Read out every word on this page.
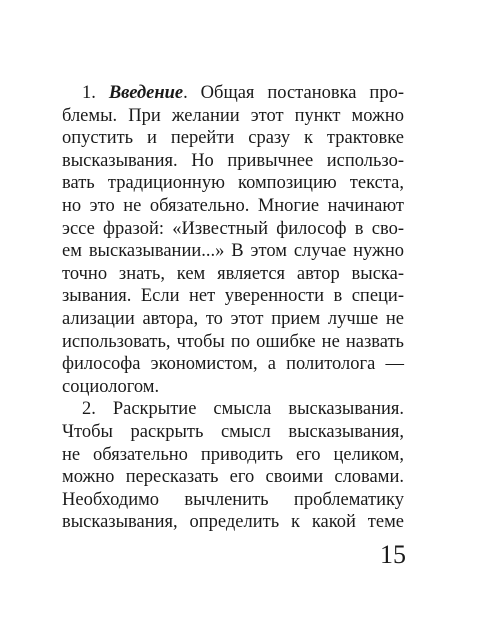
1. Введение. Общая постановка про-
блемы. При желании этот пункт можно
опустить и перейти сразу к трактовке
высказывания. Но привычнее использо-
вать традиционную композицию текста,
но это не обязательно. Многие начинают
эссе фразой: «Известный философ в сво-
ем высказывании...» В этом случае нужно
точно знать, кем является автор выска-
зывания. Если нет уверенности в специ-
ализации автора, то этот прием лучше не
использовать, чтобы по ошибке не назвать
философа экономистом, а политолога —
социологом.
2. Раскрытие смысла высказывания.
Чтобы раскрыть смысл высказывания,
не обязательно приводить его целиком,
можно пересказать его своими словами.
Необходимо вычленить проблематику
высказывания, определить к какой теме
15
